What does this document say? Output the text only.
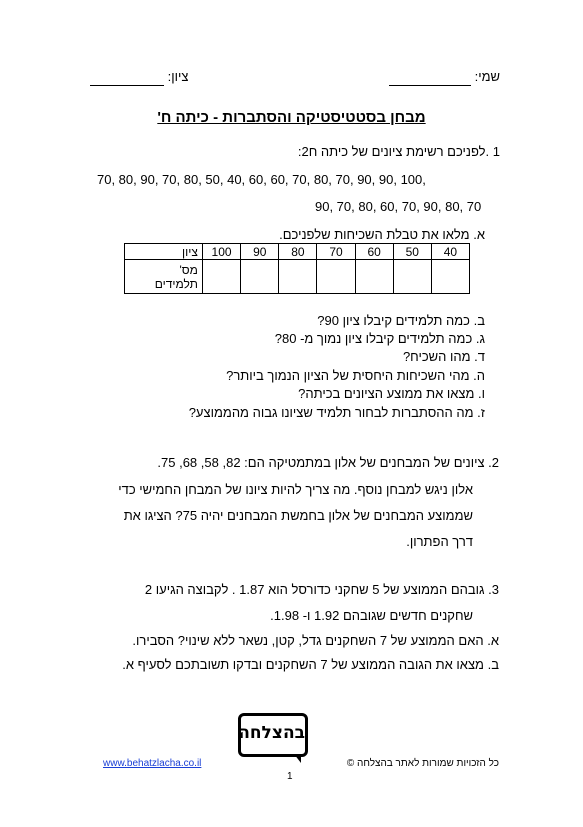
שמי:
ציון:
מבחן בסטטיסטיקה והסתברות - כיתה ח'
1 .לפניכם רשימת ציונים של כיתה ח2:
70, 80, 90, 70, 80, 50, 40, 60, 60, 70, 80, 70, 90, 90, 100,
90, 70, 80, 60, 70, 90, 80, 70
א. מלאו את טבלת השכיחות שלפניכם.
ציון	100	90	80	70	60	50	40

מס'
תלמידים							

ב. כמה תלמידים קיבלו ציון 90?
ג. כמה תלמידים קיבלו ציון נמוך מ- 80?
ד. מהו השכיח?
ה. מהי השכיחות היחסית של הציון הנמוך ביותר?
ו. מצאו את ממוצע הציונים בכיתה?
ז. מה ההסתברות לבחור תלמיד שציונו גבוה מהממוצע?
2. ציונים של המבחנים של אלון במתמטיקה הם: 82, 58, 68, 75.
אלון ניגש למבחן נוסף. מה צריך להיות ציונו של המבחן החמישי כדי
שממוצע המבחנים של אלון בחמשת המבחנים יהיה 75? הציגו את
דרך הפתרון.
3. גובהם הממוצע של 5 שחקני כדורסל הוא 1.87 . לקבוצה הגיעו 2
שחקנים חדשים שגובהם 1.92 ו- 1.98.
א. האם הממוצע של 7 השחקנים גדל, קטן, נשאר ללא שינוי? הסבירו.
ב. מצאו את הגובה הממוצע של 7 השחקנים ובדקו תשובתכם לסעיף א.
בהצלחה
כל הזכויות שמורות לאתר בהצלחה ©
www.behatzlacha.co.il
1
